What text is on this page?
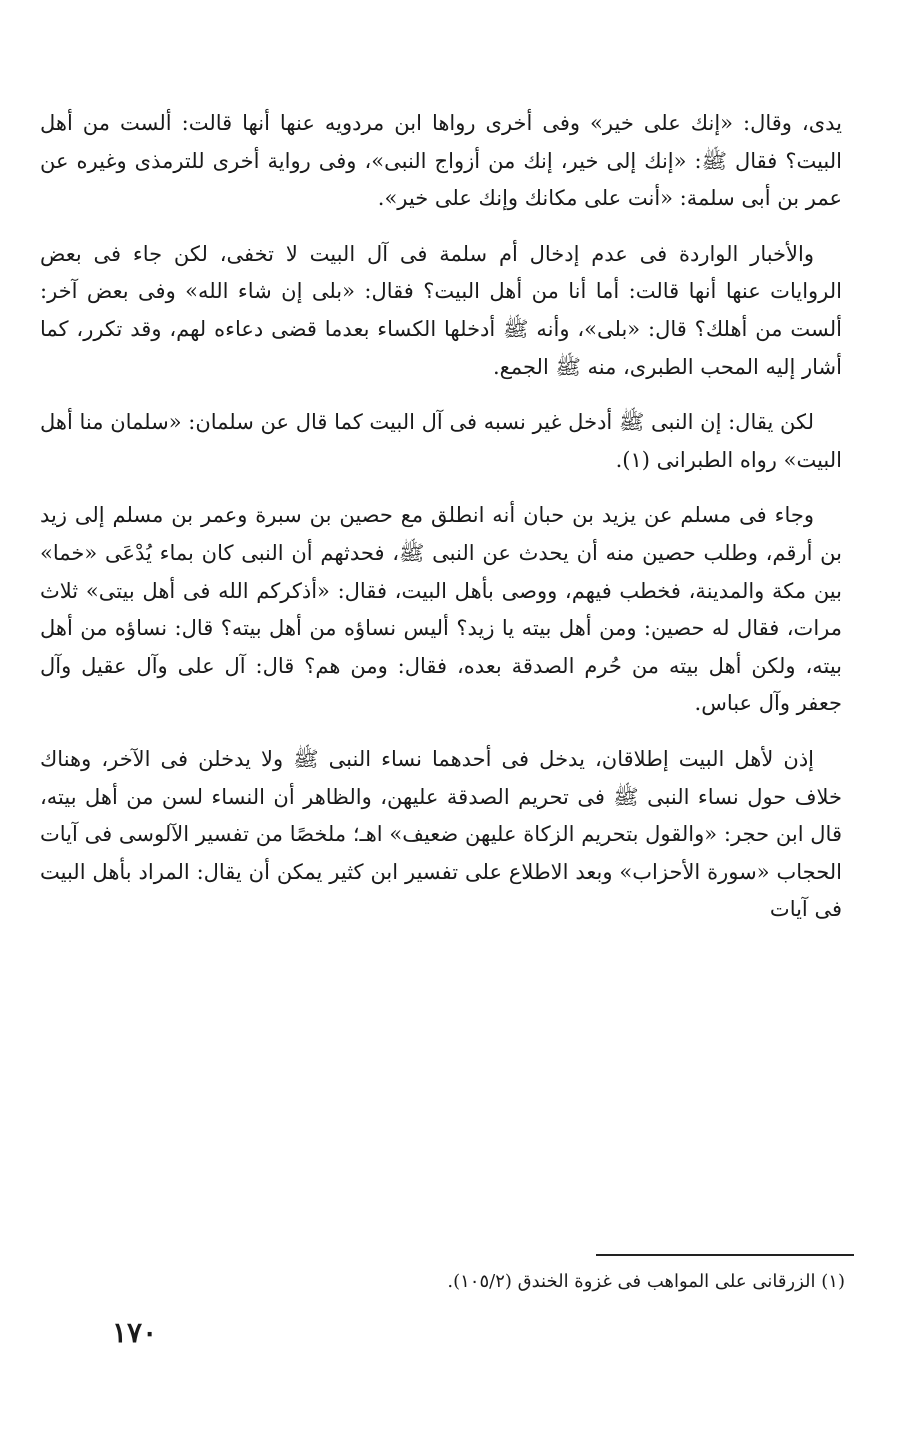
يدى، وقال: «إنك على خير» وفى أخرى رواها ابن مردويه عنها أنها قالت: ألست من أهل البيت؟ فقال ﷺ: «إنك إلى خير، إنك من أزواج النبى»، وفى رواية أخرى للترمذى وغيره عن عمر بن أبى سلمة: «أنت على مكانك وإنك على خير».

والأخبار الواردة فى عدم إدخال أم سلمة فى آل البيت لا تخفى، لكن جاء فى بعض الروايات عنها أنها قالت: أما أنا من أهل البيت؟ فقال: «بلى إن شاء الله» وفى بعض آخر: ألست من أهلك؟ قال: «بلى»، وأنه ﷺ أدخلها الكساء بعدما قضى دعاءه لهم، وقد تكرر، كما أشار إليه المحب الطبرى، منه ﷺ الجمع.

لكن يقال: إن النبى ﷺ أدخل غير نسبه فى آل البيت كما قال عن سلمان: «سلمان منا أهل البيت» رواه الطبرانى (١).

وجاء فى مسلم عن يزيد بن حبان أنه انطلق مع حصين بن سبرة وعمر بن مسلم إلى زيد بن أرقم، وطلب حصين منه أن يحدث عن النبى ﷺ، فحدثهم أن النبى كان بماء يُدْعَى «خما» بين مكة والمدينة، فخطب فيهم، ووصى بأهل البيت، فقال: «أذكركم الله فى أهل بيتى» ثلاث مرات، فقال له حصين: ومن أهل بيته يا زيد؟ أليس نساؤه من أهل بيته؟ قال: نساؤه من أهل بيته، ولكن أهل بيته من حُرم الصدقة بعده، فقال: ومن هم؟ قال: آل على وآل عقيل وآل جعفر وآل عباس.

إذن لأهل البيت إطلاقان، يدخل فى أحدهما نساء النبى ﷺ ولا يدخلن فى الآخر، وهناك خلاف حول نساء النبى ﷺ فى تحريم الصدقة عليهن، والظاهر أن النساء لسن من أهل بيته، قال ابن حجر: «والقول بتحريم الزكاة عليهن ضعيف» اهـ؛ ملخصًا من تفسير الآلوسى فى آيات الحجاب «سورة الأحزاب» وبعد الاطلاع على تفسير ابن كثير يمكن أن يقال: المراد بأهل البيت فى آيات

(١) الزرقانى على المواهب فى غزوة الخندق (١٠٥/٢).
١٧٠
